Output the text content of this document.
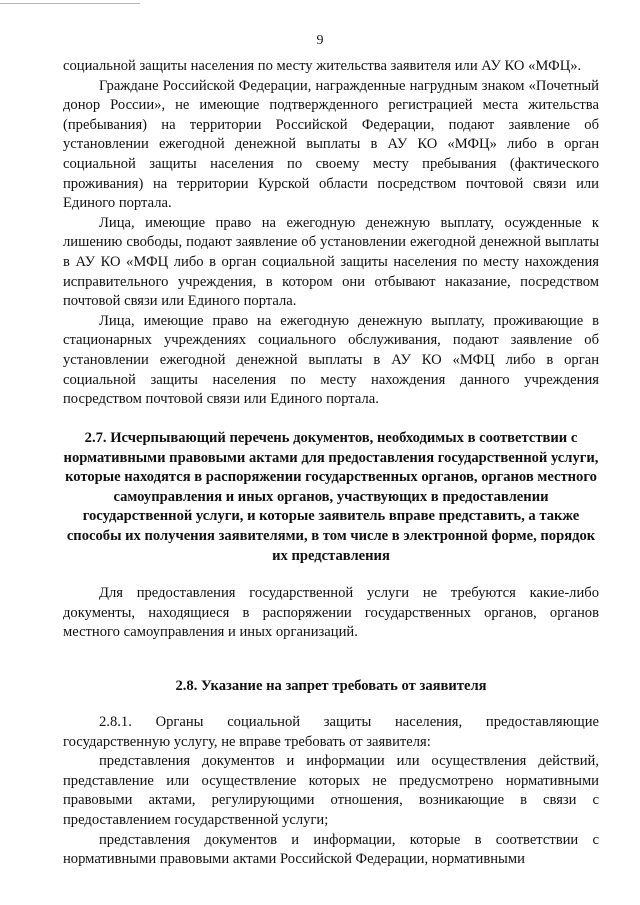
9

социальной защиты населения по месту жительства заявителя или АУ КО «МФЦ».

Граждане Российской Федерации, награжденные нагрудным знаком «Почетный донор России», не имеющие подтвержденного регистрацией места жительства (пребывания) на территории Российской Федерации, подают заявление об установлении ежегодной денежной выплаты в АУ КО «МФЦ» либо в орган социальной защиты населения по своему месту пребывания (фактического проживания) на территории Курской области посредством почтовой связи или Единого портала.

Лица, имеющие право на ежегодную денежную выплату, осужденные к лишению свободы, подают заявление об установлении ежегодной денежной выплаты в АУ КО «МФЦ либо в орган социальной защиты населения по месту нахождения исправительного учреждения, в котором они отбывают наказание, посредством почтовой связи или Единого портала.

Лица, имеющие право на ежегодную денежную выплату, проживающие в стационарных учреждениях социального обслуживания, подают заявление об установлении ежегодной денежной выплаты в АУ КО «МФЦ либо в орган социальной защиты населения по месту нахождения данного учреждения посредством почтовой связи или Единого портала.

2.7. Исчерпывающий перечень документов, необходимых в соответствии с нормативными правовыми актами для предоставления государственной услуги, которые находятся в распоряжении государственных органов, органов местного самоуправления и иных органов, участвующих в предоставлении государственной услуги, и которые заявитель вправе представить, а также способы их получения заявителями, в том числе в электронной форме, порядок их представления

Для предоставления государственной услуги не требуются какие-либо документы, находящиеся в распоряжении государственных органов, органов местного самоуправления и иных организаций.

2.8. Указание на запрет требовать от заявителя

2.8.1. Органы социальной защиты населения, предоставляющие государственную услугу, не вправе требовать от заявителя:

представления документов и информации или осуществления действий, представление или осуществление которых не предусмотрено нормативными правовыми актами, регулирующими отношения, возникающие в связи с предоставлением государственной услуги;

представления документов и информации, которые в соответствии с нормативными правовыми актами Российской Федерации, нормативными
